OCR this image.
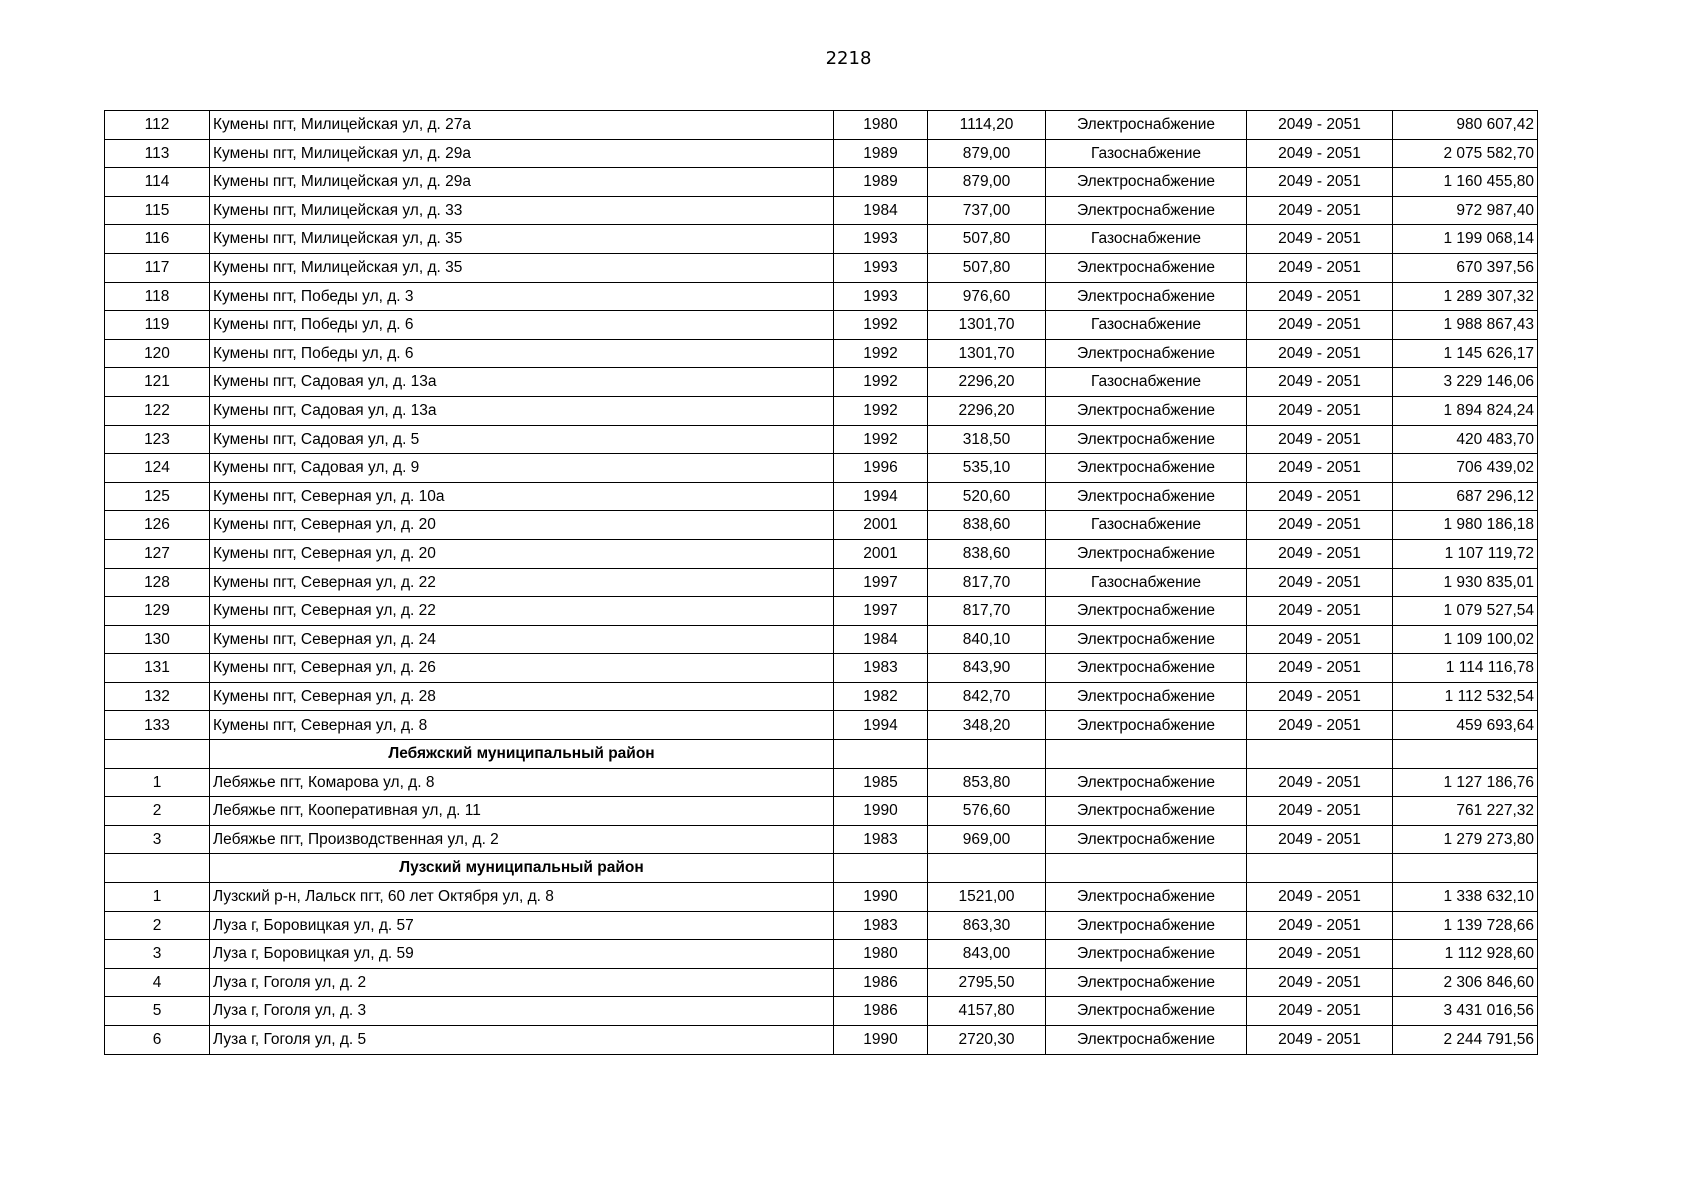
2218
112	Кумены пгт, Милицейская ул, д. 27а	1980	1114,20	Электроснабжение	2049 - 2051	980 607,42
113	Кумены пгт, Милицейская ул, д. 29а	1989	879,00	Газоснабжение	2049 - 2051	2 075 582,70
114	Кумены пгт, Милицейская ул, д. 29а	1989	879,00	Электроснабжение	2049 - 2051	1 160 455,80
115	Кумены пгт, Милицейская ул, д. 33	1984	737,00	Электроснабжение	2049 - 2051	972 987,40
116	Кумены пгт, Милицейская ул, д. 35	1993	507,80	Газоснабжение	2049 - 2051	1 199 068,14
117	Кумены пгт, Милицейская ул, д. 35	1993	507,80	Электроснабжение	2049 - 2051	670 397,56
118	Кумены пгт, Победы ул, д. 3	1993	976,60	Электроснабжение	2049 - 2051	1 289 307,32
119	Кумены пгт, Победы ул, д. 6	1992	1301,70	Газоснабжение	2049 - 2051	1 988 867,43
120	Кумены пгт, Победы ул, д. 6	1992	1301,70	Электроснабжение	2049 - 2051	1 145 626,17
121	Кумены пгт, Садовая ул, д. 13а	1992	2296,20	Газоснабжение	2049 - 2051	3 229 146,06
122	Кумены пгт, Садовая ул, д. 13а	1992	2296,20	Электроснабжение	2049 - 2051	1 894 824,24
123	Кумены пгт, Садовая ул, д. 5	1992	318,50	Электроснабжение	2049 - 2051	420 483,70
124	Кумены пгт, Садовая ул, д. 9	1996	535,10	Электроснабжение	2049 - 2051	706 439,02
125	Кумены пгт, Северная ул, д. 10а	1994	520,60	Электроснабжение	2049 - 2051	687 296,12
126	Кумены пгт, Северная ул, д. 20	2001	838,60	Газоснабжение	2049 - 2051	1 980 186,18
127	Кумены пгт, Северная ул, д. 20	2001	838,60	Электроснабжение	2049 - 2051	1 107 119,72
128	Кумены пгт, Северная ул, д. 22	1997	817,70	Газоснабжение	2049 - 2051	1 930 835,01
129	Кумены пгт, Северная ул, д. 22	1997	817,70	Электроснабжение	2049 - 2051	1 079 527,54
130	Кумены пгт, Северная ул, д. 24	1984	840,10	Электроснабжение	2049 - 2051	1 109 100,02
131	Кумены пгт, Северная ул, д. 26	1983	843,90	Электроснабжение	2049 - 2051	1 114 116,78
132	Кумены пгт, Северная ул, д. 28	1982	842,70	Электроснабжение	2049 - 2051	1 112 532,54
133	Кумены пгт, Северная ул, д. 8	1994	348,20	Электроснабжение	2049 - 2051	459 693,64
	Лебяжский муниципальный район					
1	Лебяжье пгт, Комарова ул, д. 8	1985	853,80	Электроснабжение	2049 - 2051	1 127 186,76
2	Лебяжье пгт, Кооперативная ул, д. 11	1990	576,60	Электроснабжение	2049 - 2051	761 227,32
3	Лебяжье пгт, Производственная ул, д. 2	1983	969,00	Электроснабжение	2049 - 2051	1 279 273,80
	Лузский муниципальный район					
1	Лузский р-н, Лальск пгт, 60 лет Октября ул, д. 8	1990	1521,00	Электроснабжение	2049 - 2051	1 338 632,10
2	Луза г, Боровицкая ул, д. 57	1983	863,30	Электроснабжение	2049 - 2051	1 139 728,66
3	Луза г, Боровицкая ул, д. 59	1980	843,00	Электроснабжение	2049 - 2051	1 112 928,60
4	Луза г, Гоголя ул, д. 2	1986	2795,50	Электроснабжение	2049 - 2051	2 306 846,60
5	Луза г, Гоголя ул, д. 3	1986	4157,80	Электроснабжение	2049 - 2051	3 431 016,56
6	Луза г, Гоголя ул, д. 5	1990	2720,30	Электроснабжение	2049 - 2051	2 244 791,56
